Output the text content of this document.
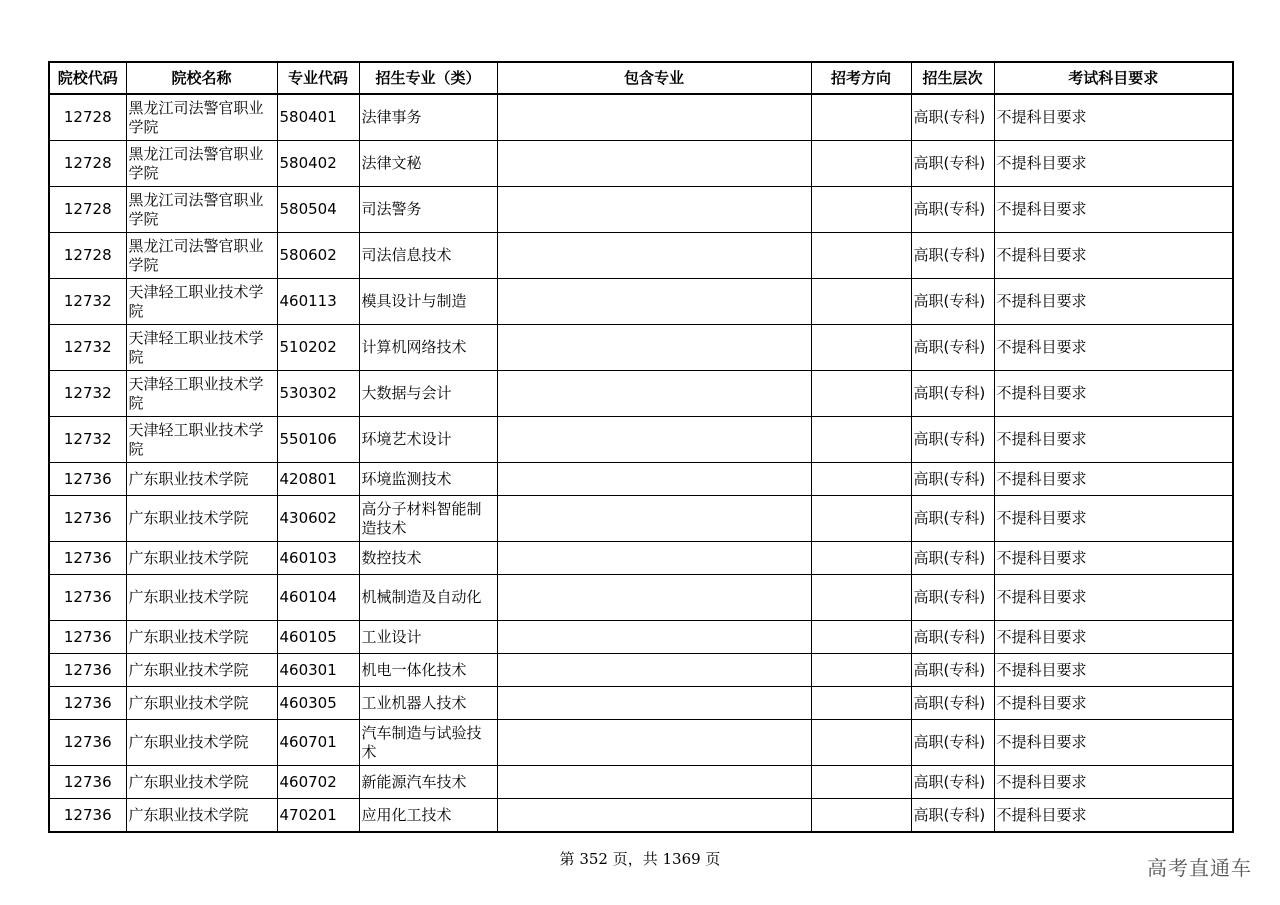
院校代码	院校名称	专业代码	招生专业（类）	包含专业	招考方向	招生层次	考试科目要求
12728	黑龙江司法警官职业学院	580401	法律事务			高职(专科)	不提科目要求
12728	黑龙江司法警官职业学院	580402	法律文秘			高职(专科)	不提科目要求
12728	黑龙江司法警官职业学院	580504	司法警务			高职(专科)	不提科目要求
12728	黑龙江司法警官职业学院	580602	司法信息技术			高职(专科)	不提科目要求
12732	天津轻工职业技术学院	460113	模具设计与制造			高职(专科)	不提科目要求
12732	天津轻工职业技术学院	510202	计算机网络技术			高职(专科)	不提科目要求
12732	天津轻工职业技术学院	530302	大数据与会计			高职(专科)	不提科目要求
12732	天津轻工职业技术学院	550106	环境艺术设计			高职(专科)	不提科目要求
12736	广东职业技术学院	420801	环境监测技术			高职(专科)	不提科目要求
12736	广东职业技术学院	430602	高分子材料智能制造技术			高职(专科)	不提科目要求
12736	广东职业技术学院	460103	数控技术			高职(专科)	不提科目要求
12736	广东职业技术学院	460104	机械制造及自动化			高职(专科)	不提科目要求
12736	广东职业技术学院	460105	工业设计			高职(专科)	不提科目要求
12736	广东职业技术学院	460301	机电一体化技术			高职(专科)	不提科目要求
12736	广东职业技术学院	460305	工业机器人技术			高职(专科)	不提科目要求
12736	广东职业技术学院	460701	汽车制造与试验技术			高职(专科)	不提科目要求
12736	广东职业技术学院	460702	新能源汽车技术			高职(专科)	不提科目要求
12736	广东职业技术学院	470201	应用化工技术			高职(专科)	不提科目要求
第 352 页，共 1369 页	高考直通车
